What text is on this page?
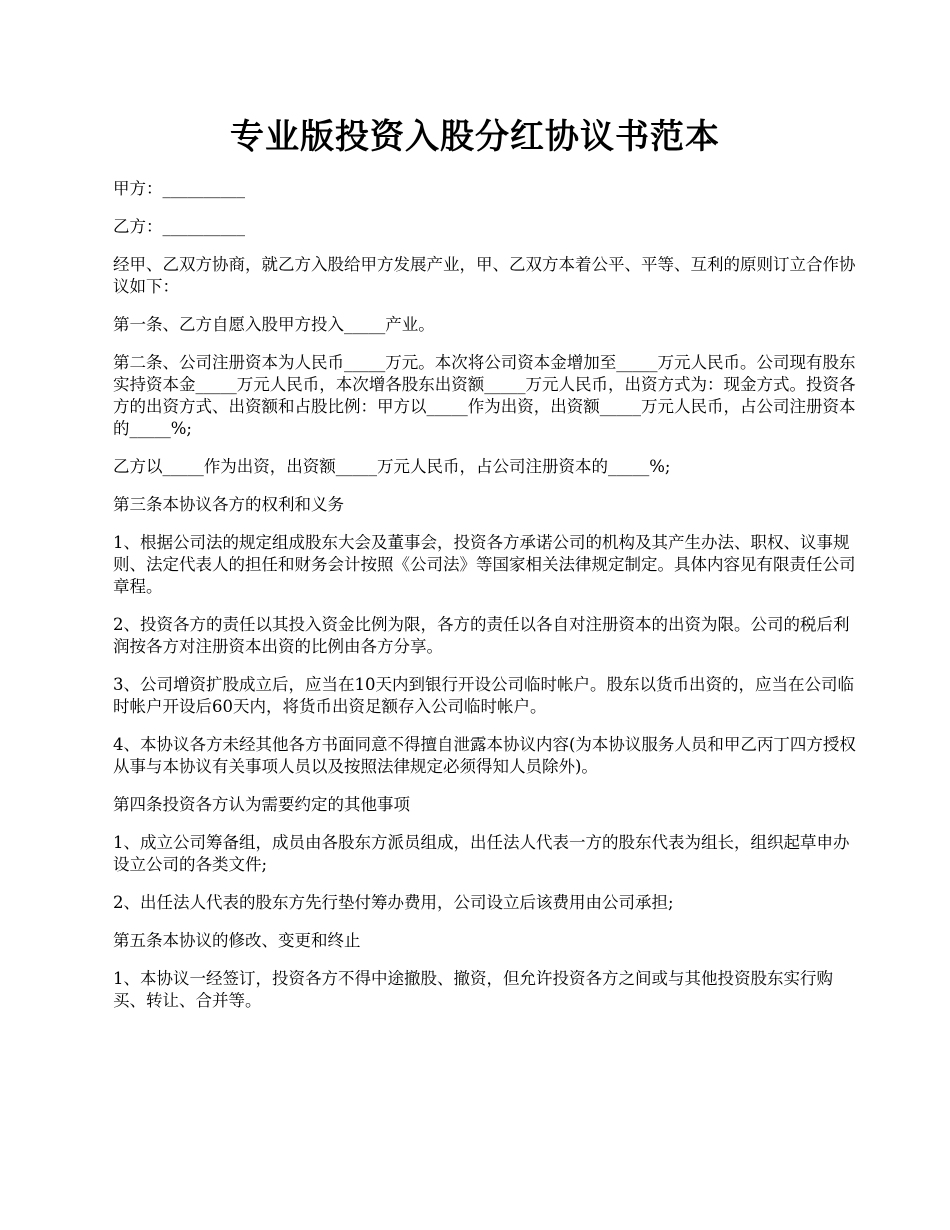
专业版投资入股分红协议书范本

甲方：__________

乙方：__________

经甲、乙双方协商，就乙方入股给甲方发展产业，甲、乙双方本着公平、平等、互利的原则订立合作协议如下：

第一条、乙方自愿入股甲方投入_____产业。

第二条、公司注册资本为人民币_____万元。本次将公司资本金增加至_____万元人民币。公司现有股东实持资本金_____万元人民币，本次增各股东出资额_____万元人民币，出资方式为：现金方式。投资各方的出资方式、出资额和占股比例：甲方以_____作为出资，出资额_____万元人民币，占公司注册资本的_____%;

乙方以_____作为出资，出资额_____万元人民币，占公司注册资本的_____%;

第三条本协议各方的权利和义务

1、根据公司法的规定组成股东大会及董事会，投资各方承诺公司的机构及其产生办法、职权、议事规则、法定代表人的担任和财务会计按照《公司法》等国家相关法律规定制定。具体内容见有限责任公司章程。

2、投资各方的责任以其投入资金比例为限，各方的责任以各自对注册资本的出资为限。公司的税后利润按各方对注册资本出资的比例由各方分享。

3、公司增资扩股成立后，应当在10天内到银行开设公司临时帐户。股东以货币出资的，应当在公司临时帐户开设后60天内，将货币出资足额存入公司临时帐户。

4、本协议各方未经其他各方书面同意不得擅自泄露本协议内容(为本协议服务人员和甲乙丙丁四方授权从事与本协议有关事项人员以及按照法律规定必须得知人员除外)。

第四条投资各方认为需要约定的其他事项

1、成立公司筹备组，成员由各股东方派员组成，出任法人代表一方的股东代表为组长，组织起草申办设立公司的各类文件;

2、出任法人代表的股东方先行垫付筹办费用，公司设立后该费用由公司承担;

第五条本协议的修改、变更和终止

1、本协议一经签订，投资各方不得中途撤股、撤资，但允许投资各方之间或与其他投资股东实行购买、转让、合并等。
